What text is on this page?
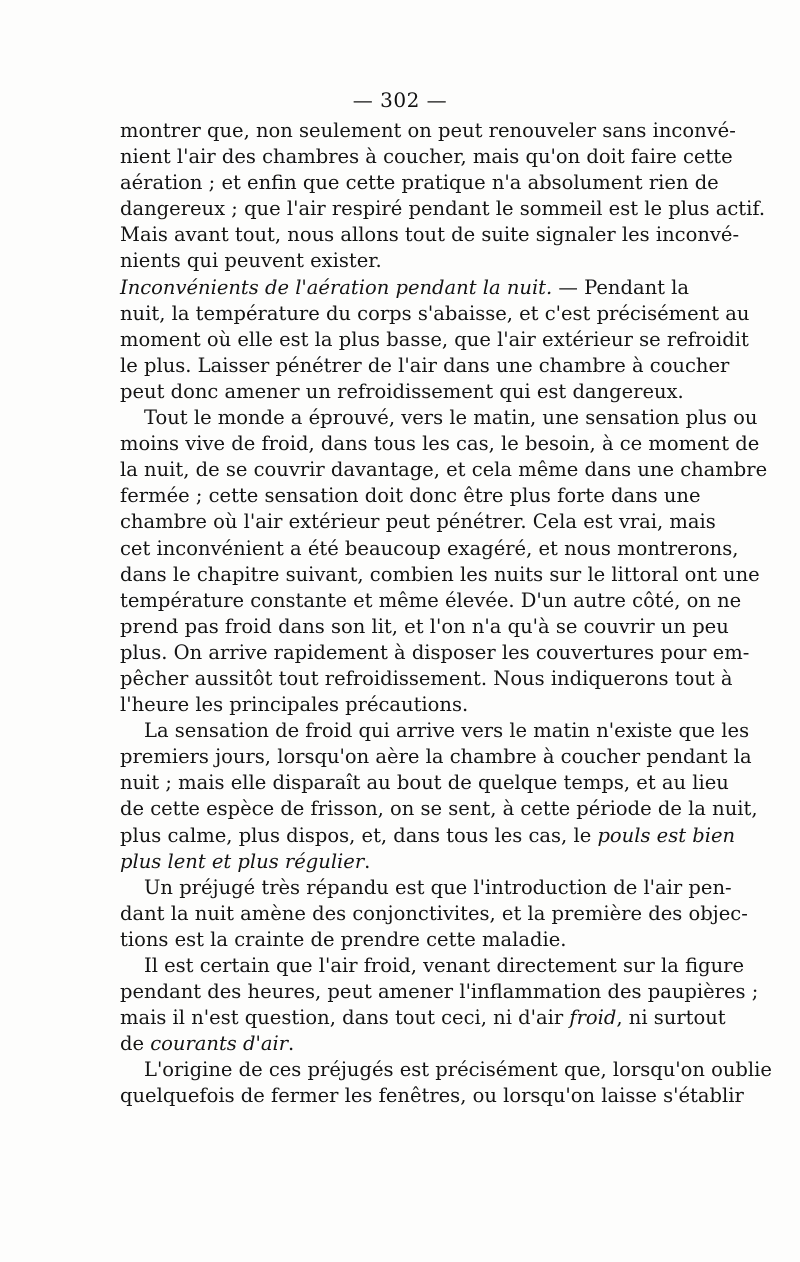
— 302 —
montrer que, non seulement on peut renouveler sans inconvé-
nient l'air des chambres à coucher, mais qu'on doit faire cette
aération ; et enfin que cette pratique n'a absolument rien de
dangereux ; que l'air respiré pendant le sommeil est le plus actif.
Mais avant tout, nous allons tout de suite signaler les inconvé-
nients qui peuvent exister.
Inconvénients de l'aération pendant la nuit. — Pendant la
nuit, la température du corps s'abaisse, et c'est précisément au
moment où elle est la plus basse, que l'air extérieur se refroidit
le plus. Laisser pénétrer de l'air dans une chambre à coucher
peut donc amener un refroidissement qui est dangereux.
Tout le monde a éprouvé, vers le matin, une sensation plus ou
moins vive de froid, dans tous les cas, le besoin, à ce moment de
la nuit, de se couvrir davantage, et cela même dans une chambre
fermée ; cette sensation doit donc être plus forte dans une
chambre où l'air extérieur peut pénétrer. Cela est vrai, mais
cet inconvénient a été beaucoup exagéré, et nous montrerons,
dans le chapitre suivant, combien les nuits sur le littoral ont une
température constante et même élevée. D'un autre côté, on ne
prend pas froid dans son lit, et l'on n'a qu'à se couvrir un peu
plus. On arrive rapidement à disposer les couvertures pour em-
pêcher aussitôt tout refroidissement. Nous indiquerons tout à
l'heure les principales précautions.
La sensation de froid qui arrive vers le matin n'existe que les
premiers jours, lorsqu'on aère la chambre à coucher pendant la
nuit ; mais elle disparaît au bout de quelque temps, et au lieu
de cette espèce de frisson, on se sent, à cette période de la nuit,
plus calme, plus dispos, et, dans tous les cas, le pouls est bien
plus lent et plus régulier.
Un préjugé très répandu est que l'introduction de l'air pen-
dant la nuit amène des conjonctivites, et la première des objec-
tions est la crainte de prendre cette maladie.
Il est certain que l'air froid, venant directement sur la figure
pendant des heures, peut amener l'inflammation des paupières ;
mais il n'est question, dans tout ceci, ni d'air froid, ni surtout
de courants d'air.
L'origine de ces préjugés est précisément que, lorsqu'on oublie
quelquefois de fermer les fenêtres, ou lorsqu'on laisse s'établir
